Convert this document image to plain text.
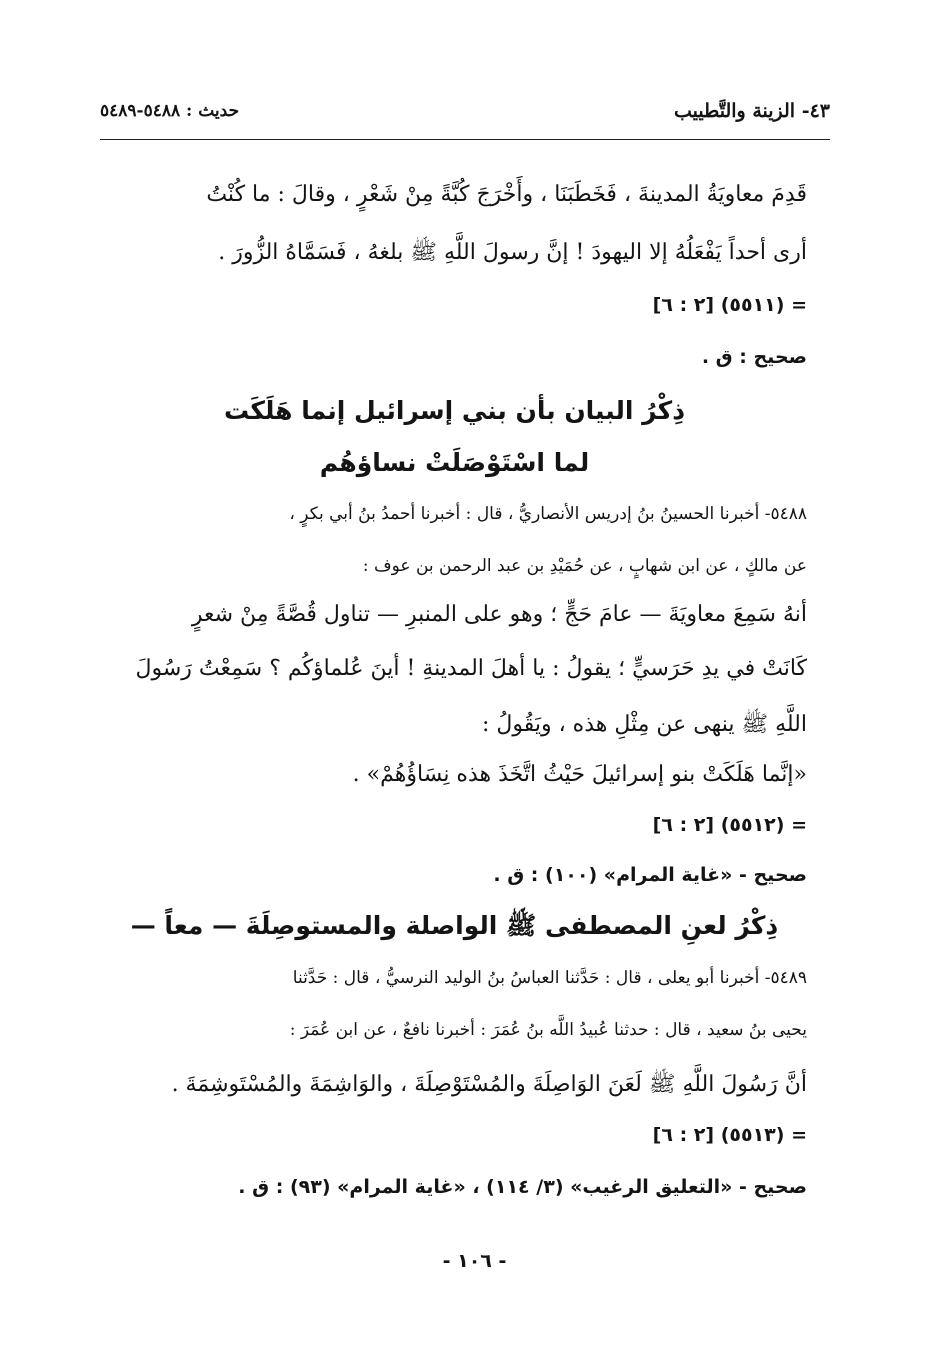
٤٣- الزينة والتَّطييب
حديث : ٥٤٨٨-٥٤٨٩
قَدِمَ معاويَةُ المدينةَ ، فَخَطَبَنَا ، وأَخْرَجَ كُبَّةً مِنْ شَعْرٍ ، وقالَ : ما كُنْتُ
أرى أحداً يَفْعَلُهُ إلا اليهودَ ! إنَّ رسولَ اللَّهِ ﷺ بلغهُ ، فَسَمَّاهُ الزُّورَ .
= (٥٥١١) [٢ : ٦]
صحيح : ق .
ذِكْرُ البيان بأن بني إسرائيل إنما هَلَكَت
لما اسْتَوْصَلَتْ نساؤهُم
٥٤٨٨- أخبرنا الحسينُ بنُ إدريس الأنصاريُّ ، قال : أخبرنا أحمدُ بنُ أبي بكرٍ ،
عن مالكٍ ، عن ابن شهابٍ ، عن حُمَيْدِ بن عبد الرحمن بن عوف :
أنهُ سَمِعَ معاويَةَ — عامَ حَجٍّ ؛ وهو على المنبرِ — تناول قُصَّةً مِنْ شعرٍ
كَانَتْ في يدِ حَرَسيٍّ ؛ يقولُ : يا أهلَ المدينةِ ! أينَ عُلماؤكُم ؟ سَمِعْتُ رَسُولَ
اللَّهِ ﷺ ينهى عن مِثْلِ هذه ، ويَقُولُ :
«إنَّما هَلَكَتْ بنو إسرائيلَ حَيْثُ اتَّخَذَ هذه نِسَاؤُهُمْ» .
= (٥٥١٢) [٢ : ٦]
صحيح - «غاية المرام» (١٠٠) : ق .
ذِكْرُ لعنِ المصطفى ﷺ الواصلة والمستوصِلَةَ — معاً —
٥٤٨٩- أخبرنا أبو يعلى ، قال : حَدَّثنا العباسُ بنُ الوليد النرسيُّ ، قال : حَدَّثنا
يحيى بنُ سعيد ، قال : حدثنا عُبيدُ اللَّه بنُ عُمَرَ : أخبرنا نافعٌ ، عن ابن عُمَرَ :
أنَّ رَسُولَ اللَّهِ ﷺ لَعَنَ الوَاصِلَةَ والمُسْتَوْصِلَةَ ، والوَاشِمَةَ والمُسْتَوشِمَةَ .
= (٥٥١٣) [٢ : ٦]
صحيح - «التعليق الرغيب» (٣/ ١١٤) ، «غاية المرام» (٩٣) : ق .
- ١٠٦ -
